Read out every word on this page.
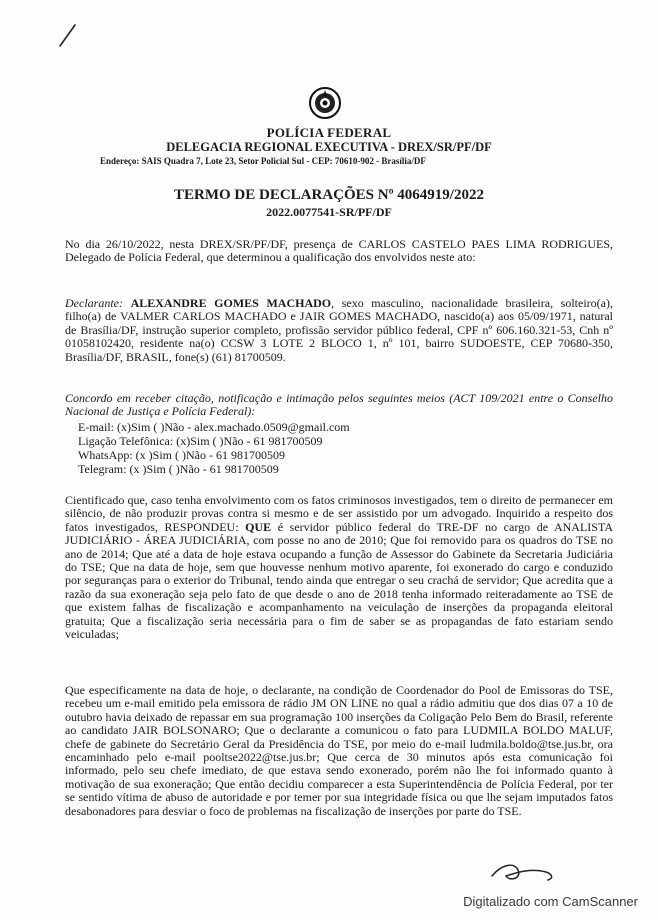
POLÍCIA FEDERAL
DELEGACIA REGIONAL EXECUTIVA - DREX/SR/PF/DF
Endereço: SAIS Quadra 7, Lote 23, Setor Policial Sul - CEP: 70610-902 - Brasília/DF
TERMO DE DECLARAÇÕES Nº 4064919/2022
2022.0077541-SR/PF/DF
No dia 26/10/2022, nesta DREX/SR/PF/DF, presença de CARLOS CASTELO PAES LIMA RODRIGUES, Delegado de Polícia Federal, que determinou a qualificação dos envolvidos neste ato:
Declarante: ALEXANDRE GOMES MACHADO, sexo masculino, nacionalidade brasileira, solteiro(a), filho(a) de VALMER CARLOS MACHADO e JAIR GOMES MACHADO, nascido(a) aos 05/09/1971, natural de Brasília/DF, instrução superior completo, profissão servidor público federal, CPF nº 606.160.321-53, Cnh nº 01058102420, residente na(o) CCSW 3 LOTE 2 BLOCO 1, nº 101, bairro SUDOESTE, CEP 70680-350, Brasília/DF, BRASIL, fone(s) (61) 81700509.
Concordo em receber citação, notificação e intimação pelos seguintes meios (ACT 109/2021 entre o Conselho Nacional de Justiça e Polícia Federal):
E-mail: (x)Sim ( )Não - alex.machado.0509@gmail.com
Ligação Telefônica: (x)Sim ( )Não - 61 981700509
WhatsApp: (x )Sim ( )Não - 61 981700509
Telegram: (x )Sim ( )Não - 61 981700509
Cientificado que, caso tenha envolvimento com os fatos criminosos investigados, tem o direito de permanecer em silêncio, de não produzir provas contra si mesmo e de ser assistido por um advogado. Inquirido a respeito dos fatos investigados, RESPONDEU: QUE é servidor público federal do TRE-DF no cargo de ANALISTA JUDICIÁRIO - ÁREA JUDICIÁRIA, com posse no ano de 2010; Que foi removido para os quadros do TSE no ano de 2014; Que até a data de hoje estava ocupando a função de Assessor do Gabinete da Secretaria Judiciária do TSE; Que na data de hoje, sem que houvesse nenhum motivo aparente, foi exonerado do cargo e conduzido por seguranças para o exterior do Tribunal, tendo ainda que entregar o seu crachá de servidor; Que acredita que a razão da sua exoneração seja pelo fato de que desde o ano de 2018 tenha informado reiteradamente ao TSE de que existem falhas de fiscalização e acompanhamento na veiculação de inserções da propaganda eleitoral gratuita; Que a fiscalização seria necessária para o fim de saber se as propagandas de fato estariam sendo veiculadas;
Que especificamente na data de hoje, o declarante, na condição de Coordenador do Pool de Emissoras do TSE, recebeu um e-mail emitido pela emissora de rádio JM ON LINE no qual a rádio admitiu que dos dias 07 a 10 de outubro havia deixado de repassar em sua programação 100 inserções da Coligação Pelo Bem do Brasil, referente ao candidato JAIR BOLSONARO; Que o declarante a comunicou o fato para LUDMILA BOLDO MALUF, chefe de gabinete do Secretário Geral da Presidência do TSE, por meio do e-mail ludmila.boldo@tse.jus.br, ora encaminhado pelo e-mail pooltse2022@tse.jus.br; Que cerca de 30 minutos após esta comunicação foi informado, pelo seu chefe imediato, de que estava sendo exonerado, porém não lhe foi informado quanto à motivação de sua exoneração; Que então decidiu comparecer a esta Superintendência de Polícia Federal, por ter se sentido vítima de abuso de autoridade e por temer por sua integridade física ou que lhe sejam imputados fatos desabonadores para desviar o foco de problemas na fiscalização de inserções por parte do TSE.
Digitalizado com CamScanner
